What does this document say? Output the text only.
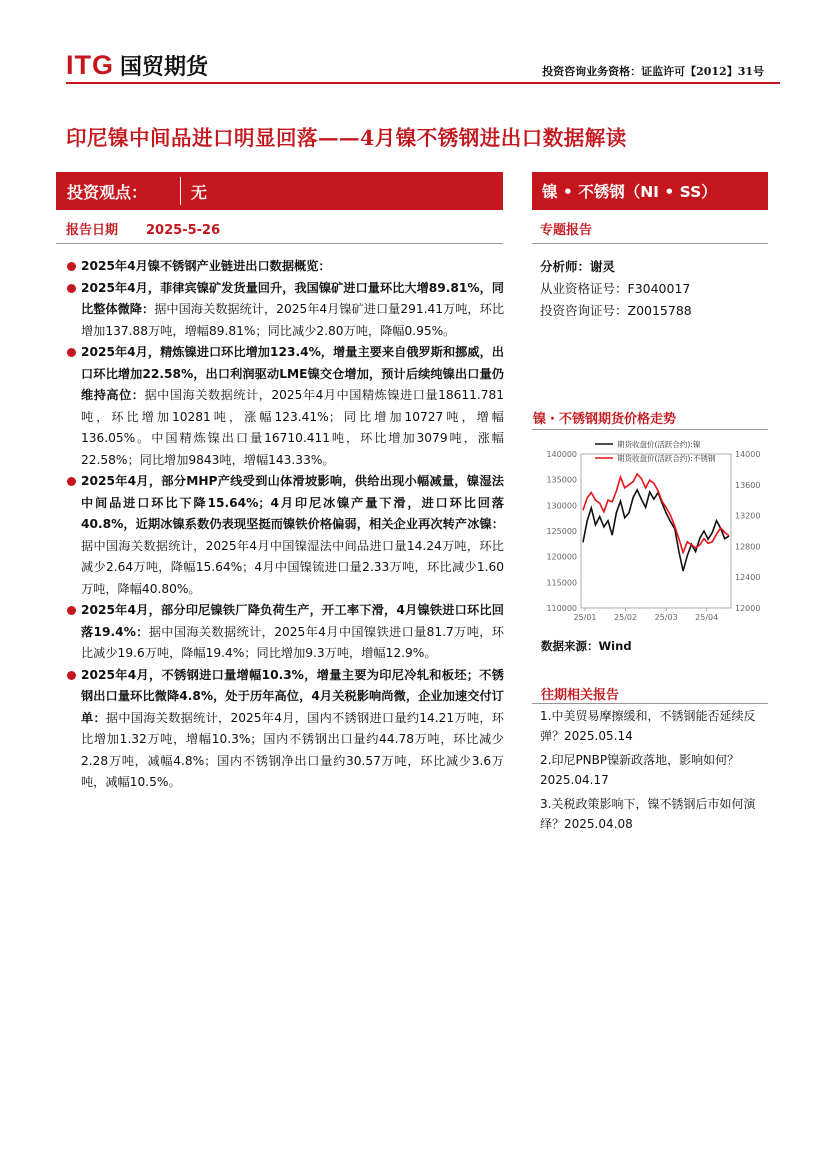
ITG 国贸期货	投资咨询业务资格：证监许可【2012】31号
印尼镍中间品进口明显回落——4月镍不锈钢进出口数据解读
投资观点：	无	镍 • 不锈钢（NI • SS）
报告日期 2025-5-26	专题报告

2025年4月镍不锈钢产业链进出口数据概览：

2025年4月，菲律宾镍矿发货量回升，我国镍矿进口量环比大增89.81%，同比整体微降：据中国海关数据统计，2025年4月镍矿进口量291.41万吨，环比增加137.88万吨，增幅89.81%；同比减少2.80万吨，降幅0.95%。

2025年4月，精炼镍进口环比增加123.4%，增量主要来自俄罗斯和挪威，出口环比增加22.58%，出口利润驱动LME镍交仓增加，预计后续纯镍出口量仍维持高位：据中国海关数据统计，2025年4月中国精炼镍进口量18611.781吨，环比增加10281吨，涨幅123.41%；同比增加10727吨，增幅136.05%。中国精炼镍出口量16710.411吨，环比增加3079吨，涨幅22.58%；同比增加9843吨，增幅143.33%。

2025年4月，部分MHP产线受到山体滑坡影响，供给出现小幅减量，镍湿法中间品进口环比下降15.64%；4月印尼冰镍产量下滑，进口环比回落40.8%，近期冰镍系数仍表现坚挺而镍铁价格偏弱，相关企业再次转产冰镍：据中国海关数据统计，2025年4月中国镍湿法中间品进口量14.24万吨，环比减少2.64万吨，降幅15.64%；4月中国镍锍进口量2.33万吨，环比减少1.60万吨，降幅40.80%。

2025年4月，部分印尼镍铁厂降负荷生产，开工率下滑，4月镍铁进口环比回落19.4%：据中国海关数据统计，2025年4月中国镍铁进口量81.7万吨，环比减少19.6万吨，降幅19.4%；同比增加9.3万吨，增幅12.9%。

2025年4月，不锈钢进口量增幅10.3%，增量主要为印尼冷轧和板坯；不锈钢出口量环比微降4.8%，处于历年高位，4月关税影响尚微，企业加速交付订单：据中国海关数据统计，2025年4月，国内不锈钢进口量约14.21万吨，环比增加1.32万吨，增幅10.3%；国内不锈钢出口量约44.78万吨，环比减少2.28万吨，减幅4.8%；国内不锈钢净出口量约30.57万吨，环比减少3.6万吨，减幅10.5%。

分析师：谢灵
从业资格证号：F3040017
投资咨询证号：Z0015788
镍・不锈钢期货价格走势
110000
115000
120000
125000
130000
135000
140000
12000
12400
12800
13200
13600
14000
25/01 25/02 25/03 25/04
期货收盘价(活跃合约):镍
期货收盘价(活跃合约):不锈钢
数据来源：Wind
往期相关报告
1.中美贸易摩擦缓和，不锈钢能否延续反弹？2025.05.14
2.印尼PNBP镍新政落地，影响如何？2025.04.17
3.关税政策影响下，镍不锈钢后市如何演绎？2025.04.08
